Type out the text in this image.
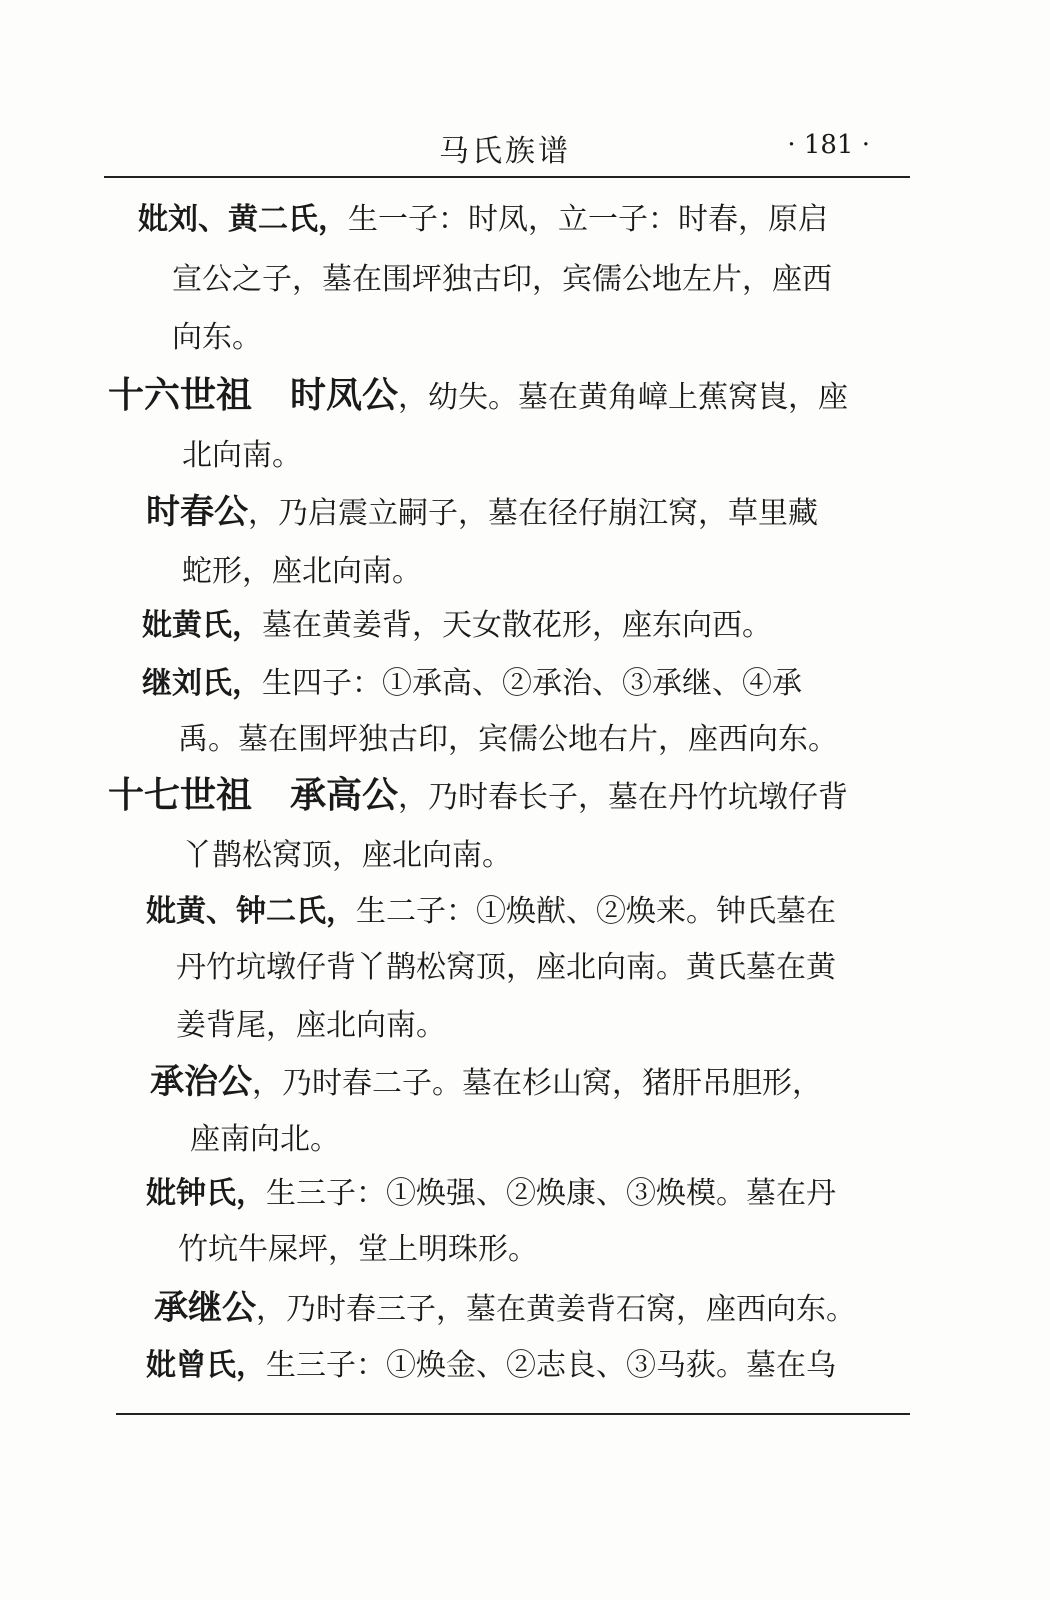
马氏族谱	· 181 ·
妣刘、黄二氏，生一子：时凤，立一子：时春，原启
宣公之子，墓在围坪独古印，宾儒公地左片，座西
向东。
十六世祖 时凤公，幼失。墓在黄角嶂上蕉窝崀，座
北向南。
时春公，乃启震立嗣子，墓在径仔崩江窝，草里藏
蛇形，座北向南。
妣黄氏，墓在黄姜背，天女散花形，座东向西。
继刘氏，生四子：①承高、②承治、③承继、④承
禹。墓在围坪独古印，宾儒公地右片，座西向东。
十七世祖 承高公，乃时春长子，墓在丹竹坑墩仔背
丫鹊松窝顶，座北向南。
妣黄、钟二氏，生二子：①焕猷、②焕来。钟氏墓在
丹竹坑墩仔背丫鹊松窝顶，座北向南。黄氏墓在黄
姜背尾，座北向南。
承治公，乃时春二子。墓在杉山窝，猪肝吊胆形，
座南向北。
妣钟氏，生三子：①焕强、②焕康、③焕模。墓在丹
竹坑牛屎坪，堂上明珠形。
承继公，乃时春三子，墓在黄姜背石窝，座西向东。
妣曾氏，生三子：①焕金、②志良、③马荻。墓在乌
